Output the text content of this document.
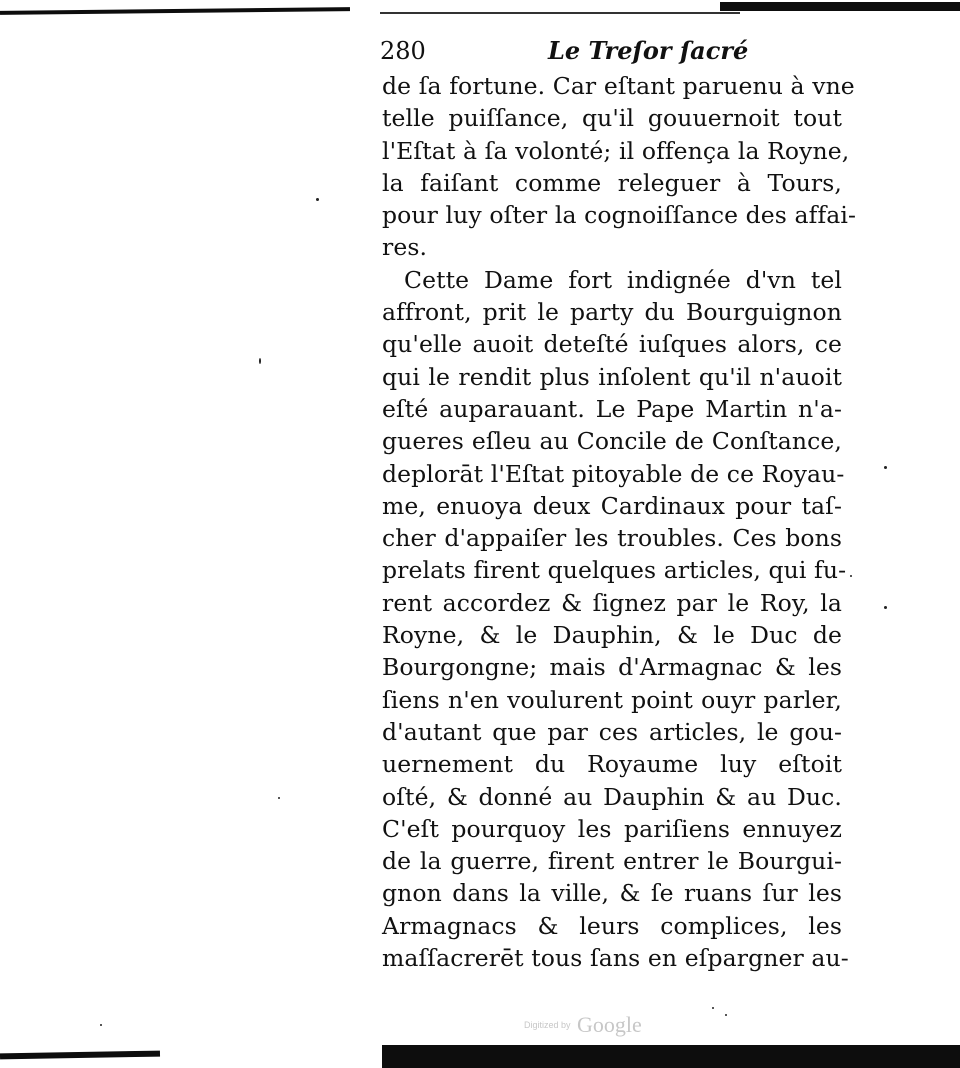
280	Le Treſor ſacré
de ſa fortune. Car eſtant paruenu à vne
telle puiſſance, qu'il gouuernoit tout
l'Eſtat à ſa volonté; il offença la Royne,
la faiſant comme releguer à Tours,
pour luy oſter la cognoiſſance des affai-
res.
Cette Dame fort indignée d'vn tel
affront, prit le party du Bourguignon
qu'elle auoit deteſté iuſques alors, ce
qui le rendit plus inſolent qu'il n'auoit
eſté auparauant. Le Pape Martin n'a-
gueres eſleu au Concile de Conſtance,
deplorāt l'Eſtat pitoyable de ce Royau-
me, enuoya deux Cardinaux pour taſ-
cher d'appaiſer les troubles. Ces bons
prelats firent quelques articles, qui fu-
rent accordez & ſignez par le Roy, la
Royne, & le Dauphin, & le Duc de
Bourgongne; mais d'Armagnac & les
ſiens n'en voulurent point ouyr parler,
d'autant que par ces articles, le gou-
uernement du Royaume luy eſtoit
oſté, & donné au Dauphin & au Duc.
C'eſt pourquoy les pariſiens ennuyez
de la guerre, firent entrer le Bourgui-
gnon dans la ville, & ſe ruans ſur les
Armagnacs & leurs complices, les
maſſacrerēt tous ſans en eſpargner au-
Digitized by Google
